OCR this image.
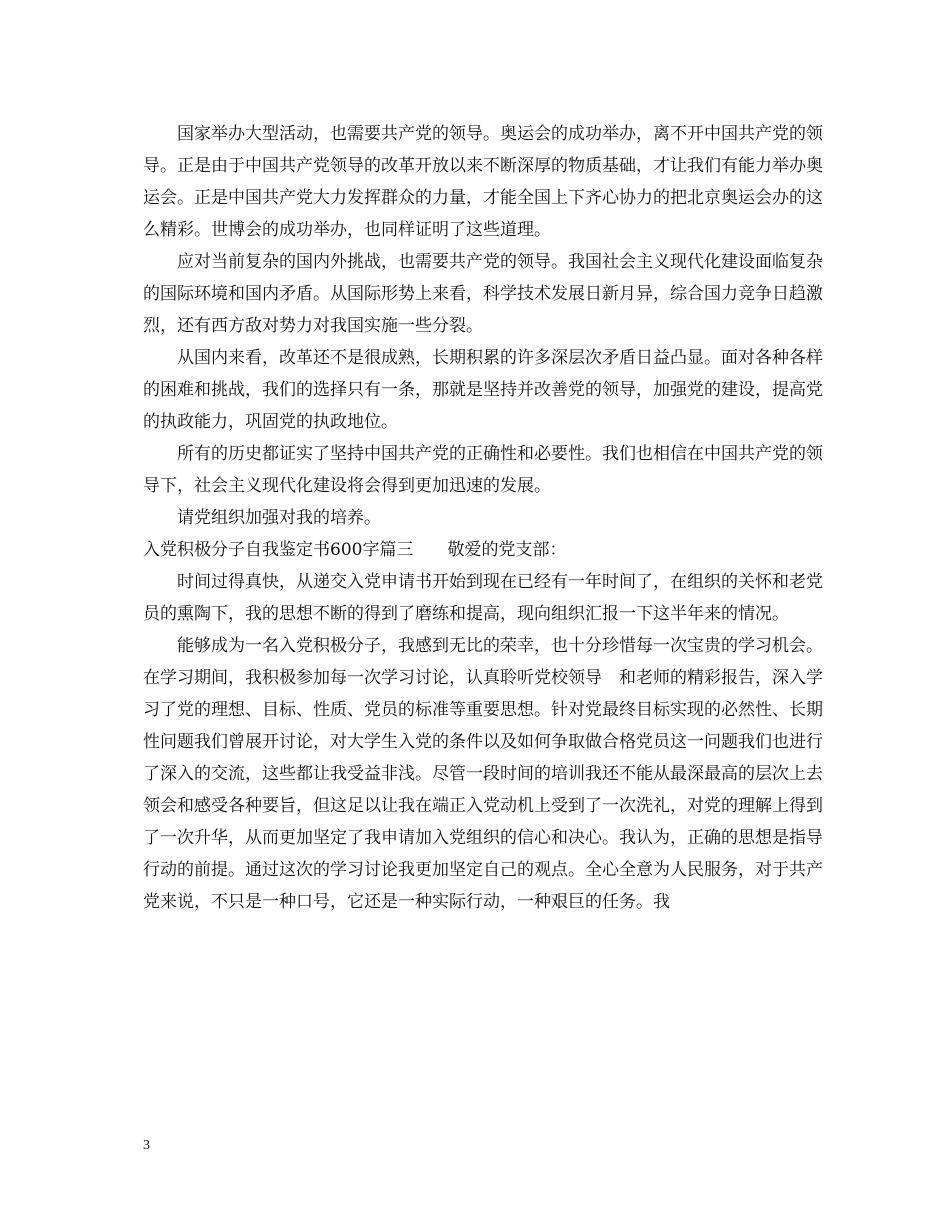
国家举办大型活动，也需要共产党的领导。奥运会的成功举办，离不开中国共产党的领导。正是由于中国共产党领导的改革开放以来不断深厚的物质基础，才让我们有能力举办奥运会。正是中国共产党大力发挥群众的力量，才能全国上下齐心协力的把北京奥运会办的这么精彩。世博会的成功举办，也同样证明了这些道理。

应对当前复杂的国内外挑战，也需要共产党的领导。我国社会主义现代化建设面临复杂的国际环境和国内矛盾。从国际形势上来看，科学技术发展日新月异，综合国力竞争日趋激烈，还有西方敌对势力对我国实施一些分裂。

从国内来看，改革还不是很成熟，长期积累的许多深层次矛盾日益凸显。面对各种各样的困难和挑战，我们的选择只有一条，那就是坚持并改善党的领导，加强党的建设，提高党的执政能力，巩固党的执政地位。

所有的历史都证实了坚持中国共产党的正确性和必要性。我们也相信在中国共产党的领导下，社会主义现代化建设将会得到更加迅速的发展。

请党组织加强对我的培养。

入党积极分子自我鉴定书600字篇三　　敬爱的党支部：

时间过得真快，从递交入党申请书开始到现在已经有一年时间了，在组织的关怀和老党员的熏陶下，我的思想不断的得到了磨练和提高，现向组织汇报一下这半年来的情况。

能够成为一名入党积极分子，我感到无比的荣幸，也十分珍惜每一次宝贵的学习机会。在学习期间，我积极参加每一次学习讨论，认真聆听党校领导　和老师的精彩报告，深入学习了党的理想、目标、性质、党员的标准等重要思想。针对党最终目标实现的必然性、长期性问题我们曾展开讨论，对大学生入党的条件以及如何争取做合格党员这一问题我们也进行了深入的交流，这些都让我受益非浅。尽管一段时间的培训我还不能从最深最高的层次上去领会和感受各种要旨，但这足以让我在端正入党动机上受到了一次洗礼，对党的理解上得到了一次升华，从而更加坚定了我申请加入党组织的信心和决心。我认为，正确的思想是指导行动的前提。通过这次的学习讨论我更加坚定自己的观点。全心全意为人民服务，对于共产党来说，不只是一种口号，它还是一种实际行动，一种艰巨的任务。我

3
